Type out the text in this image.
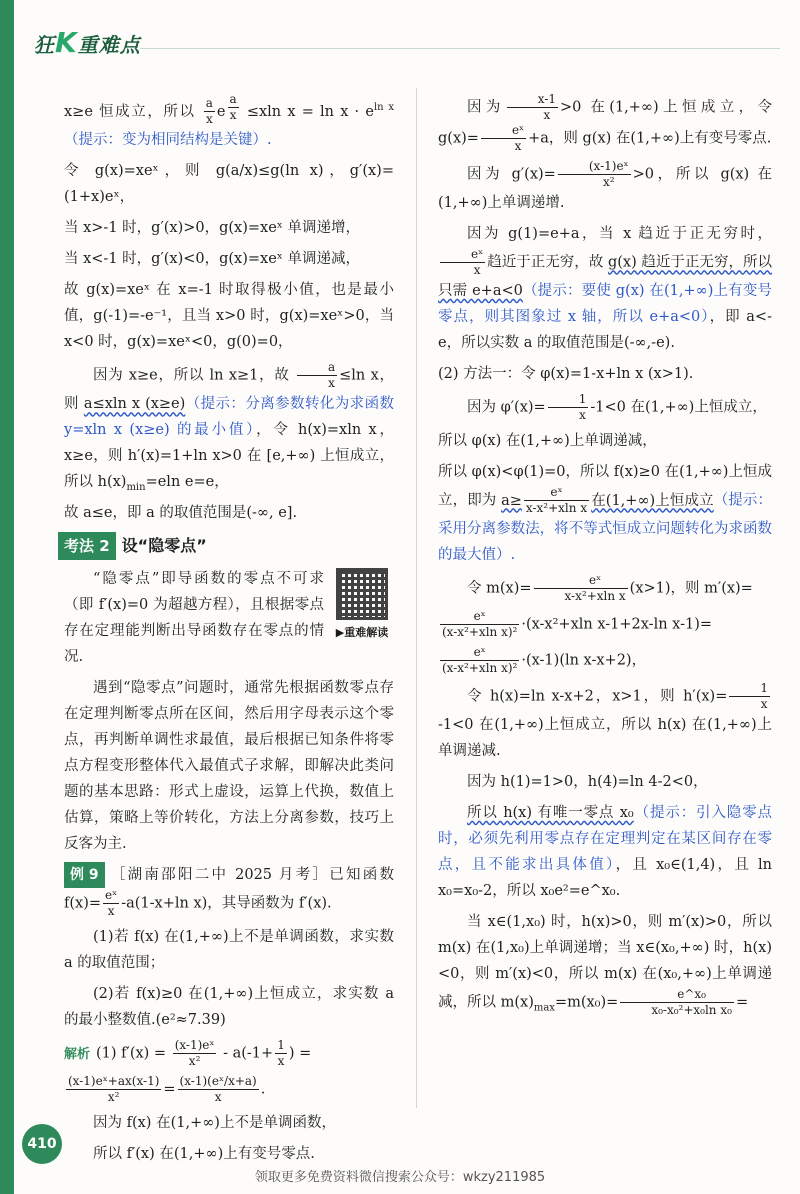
狂K重难点

x≥e 恒成立，所以 $\frac{a}{x}$ e $^{\frac{a}{x}}$ ≤xln $x = \ln x \cdot e^{ln x}$（提示：变为相同结构是关键）.

令 g(x)=xeˣ，则 g(a/x)≤g(ln x)，g′(x)=(1+x)eˣ，

当 x>-1 时，g′(x)>0，g(x)=xeˣ 单调递增，

当 x<-1 时，g′(x)<0，g(x)=xeˣ 单调递减，

故 g(x)=xeˣ 在 x=-1 时取得极小值，也是最小值，g(-1)=-e⁻¹，且当 x>0 时，g(x)=xeˣ>0，当 x<0 时，g(x)=xeˣ<0，g(0)=0，

因为 x≥e，所以 ln x≥1，故 $\frac{a}{x} \le\ln$ x，则 a≤xln x (x≥e)（提示：分离参数转化为求函数 y=xln x (x≥e) 的最小值），令 h(x)=xln x，x≥e，则 h′(x)=1+ln x>0 在 [e,+∞) 上恒成立，所以 $h(x)_{min}=eln$ e=e，

故 a≤e，即 a 的取值范围是(-∞, e].

考法 2 设“隐零点”
▶重难解读

“隐零点”即导函数的零点不可求（即 f′(x)=0 为超越方程），且根据零点存在定理能判断出导函数存在零点的情况.

遇到“隐零点”问题时，通常先根据函数零点存在定理判断零点所在区间，然后用字母表示这个零点，再判断单调性求最值，最后根据已知条件将零点方程变形整体代入最值式子求解，即解决此类问题的基本思路：形式上虚设，运算上代换，数值上估算，策略上等价转化，方法上分离参数，技巧上反客为主.

例 9 ［湖南邵阳二中 2025 月考］已知函数 $f(x)= \frac{\text{eˣ}}{x} -a(1-x+\ln$ x)，其导函数为 f′(x).

(1)若 f(x) 在(1,+∞)上不是单调函数，求实数 a 的取值范围；

(2)若 f(x)≥0 在(1,+∞)上恒成立，求实数 a 的最小整数值.(e²≈7.39)

解析 (1) $f'(x) = \frac{\text{(x-1)eˣ}}{\text{x²}} - a(-1+ \frac{1}{x}$ ) =

$\frac{\text{(x-1)eˣ+ax(x-1)}}{\text{x²}} = \frac{\text{(x-1)(eˣ/x+a)}}{x}$ .

因为 f(x) 在(1,+∞)上不是单调函数，

所以 f′(x) 在(1,+∞)上有变号零点.

因为 $\frac{x-1}{x} >0$ 在(1,+∞)上恒成立，令 $g(x)= \frac{\text{eˣ}}{x} +a$，则 g(x) 在(1,+∞)上有变号零点.

因为 $g'(x)= \frac{\text{(x-1)eˣ}}{\text{x²}} >0$，所以 g(x) 在(1,+∞)上单调递增.

因为 g(1)=e+a，当 x 趋近于正无穷时，
$\frac{\text{eˣ}}{x}$ 趋近于正无穷，故 g(x) 趋近于正无穷，所以只需 e+a<0（提示：要使 g(x) 在(1,+∞)上有变号零点，则其图象过 x 轴，所以 e+a<0），即 a<-e，所以实数 a 的取值范围是(-∞,-e).

(2) 方法一：令 φ(x)=1-x+ln x (x>1).

因为 $\varphi'(x)= \frac{1}{x} -1<0$ 在(1,+∞)上恒成立，

所以 φ(x) 在(1,+∞)上单调递减，

所以 φ(x)<φ(1)=0，所以 f(x)≥0 在(1,+∞)上恒成立，即为 $a\ge \frac{\text{eˣ}}{\text{x-x²+xln x}}$ 在(1,+∞)上恒成立（提示：采用分离参数法，将不等式恒成立问题转化为求函数的最大值）.

令 $m(x)= \frac{\text{eˣ}}{\text{x-x²+xln x}} (x>1)$，则 m′(x)=

$\frac{\text{eˣ}}{\text{(x-x²+xln x)²}} \cdot(x-x^2+xln$ x-1+2x-ln x-1)=

$\frac{\text{eˣ}}{\text{(x-x²+xln x)²}} \cdot(x-1)(\ln$ x-x+2)，

令 h(x)=ln x-x+2，x>1，则 $h'(x)= \frac{1}{x}$
-1<0 在(1,+∞)上恒成立，所以 h(x) 在(1,+∞)上单调递减.

因为 h(1)=1>0，h(4)=ln 4-2<0，

所以 h(x) 有唯一零点 x₀（提示：引入隐零点时，必须先利用零点存在定理判定在某区间存在零点，且不能求出具体值），且 x₀∈(1,4)，且 ln x₀=x₀-2，所以 x₀e²=e^x₀.

当 x∈(1,x₀) 时，h(x)>0，则 m′(x)>0，所以 m(x) 在(1,x₀)上单调递增；当 x∈(x₀,+∞) 时，h(x)<0，则 m′(x)<0，所以 m(x) 在(x₀,+∞)上单调递减，所以 $m(x)_{max}=m(x_0)= \frac{\text{e\textasciicircum{}x₀}}{\text{x₀-x₀²+x₀ln x₀}}$ =

410
领取更多免费资料微信搜索公众号：wkzy211985
